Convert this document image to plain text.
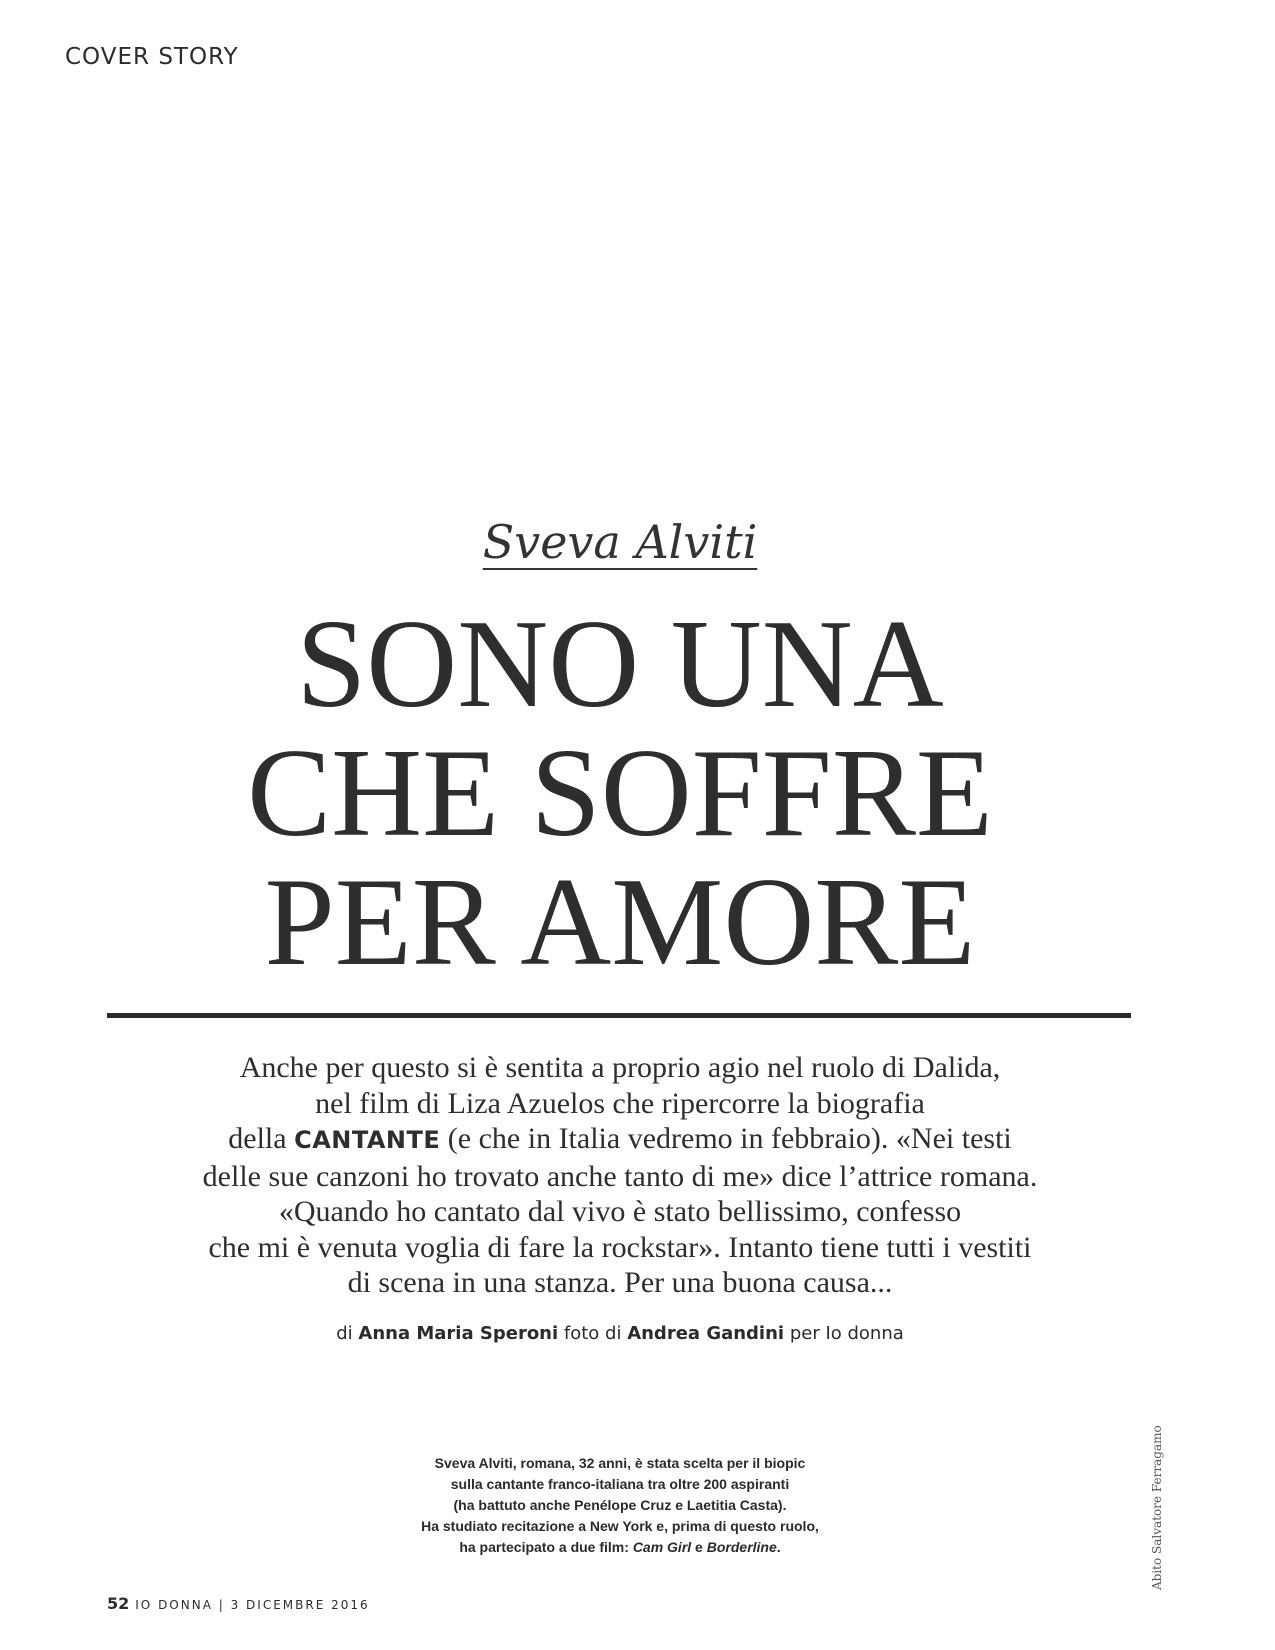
COVER STORY
Sveva Alviti
SONO UNA
CHE SOFFRE
PER AMORE
Anche per questo si è sentita a proprio agio nel ruolo di Dalida,
nel film di Liza Azuelos che ripercorre la biografia
della CANTANTE (e che in Italia vedremo in febbraio). «Nei testi
delle sue canzoni ho trovato anche tanto di me» dice l’attrice romana.
«Quando ho cantato dal vivo è stato bellissimo, confesso
che mi è venuta voglia di fare la rockstar». Intanto tiene tutti i vestiti
di scena in una stanza. Per una buona causa...
di Anna Maria Speroni foto di Andrea Gandini per Io donna
Sveva Alviti, romana, 32 anni, è stata scelta per il biopic
sulla cantante franco-italiana tra oltre 200 aspiranti
(ha battuto anche Penélope Cruz e Laetitia Casta).
Ha studiato recitazione a New York e, prima di questo ruolo,
ha partecipato a due film: Cam Girl e Borderline.	Abito Salvatore Ferragamo
52 IO DONNA | 3 DICEMBRE 2016
